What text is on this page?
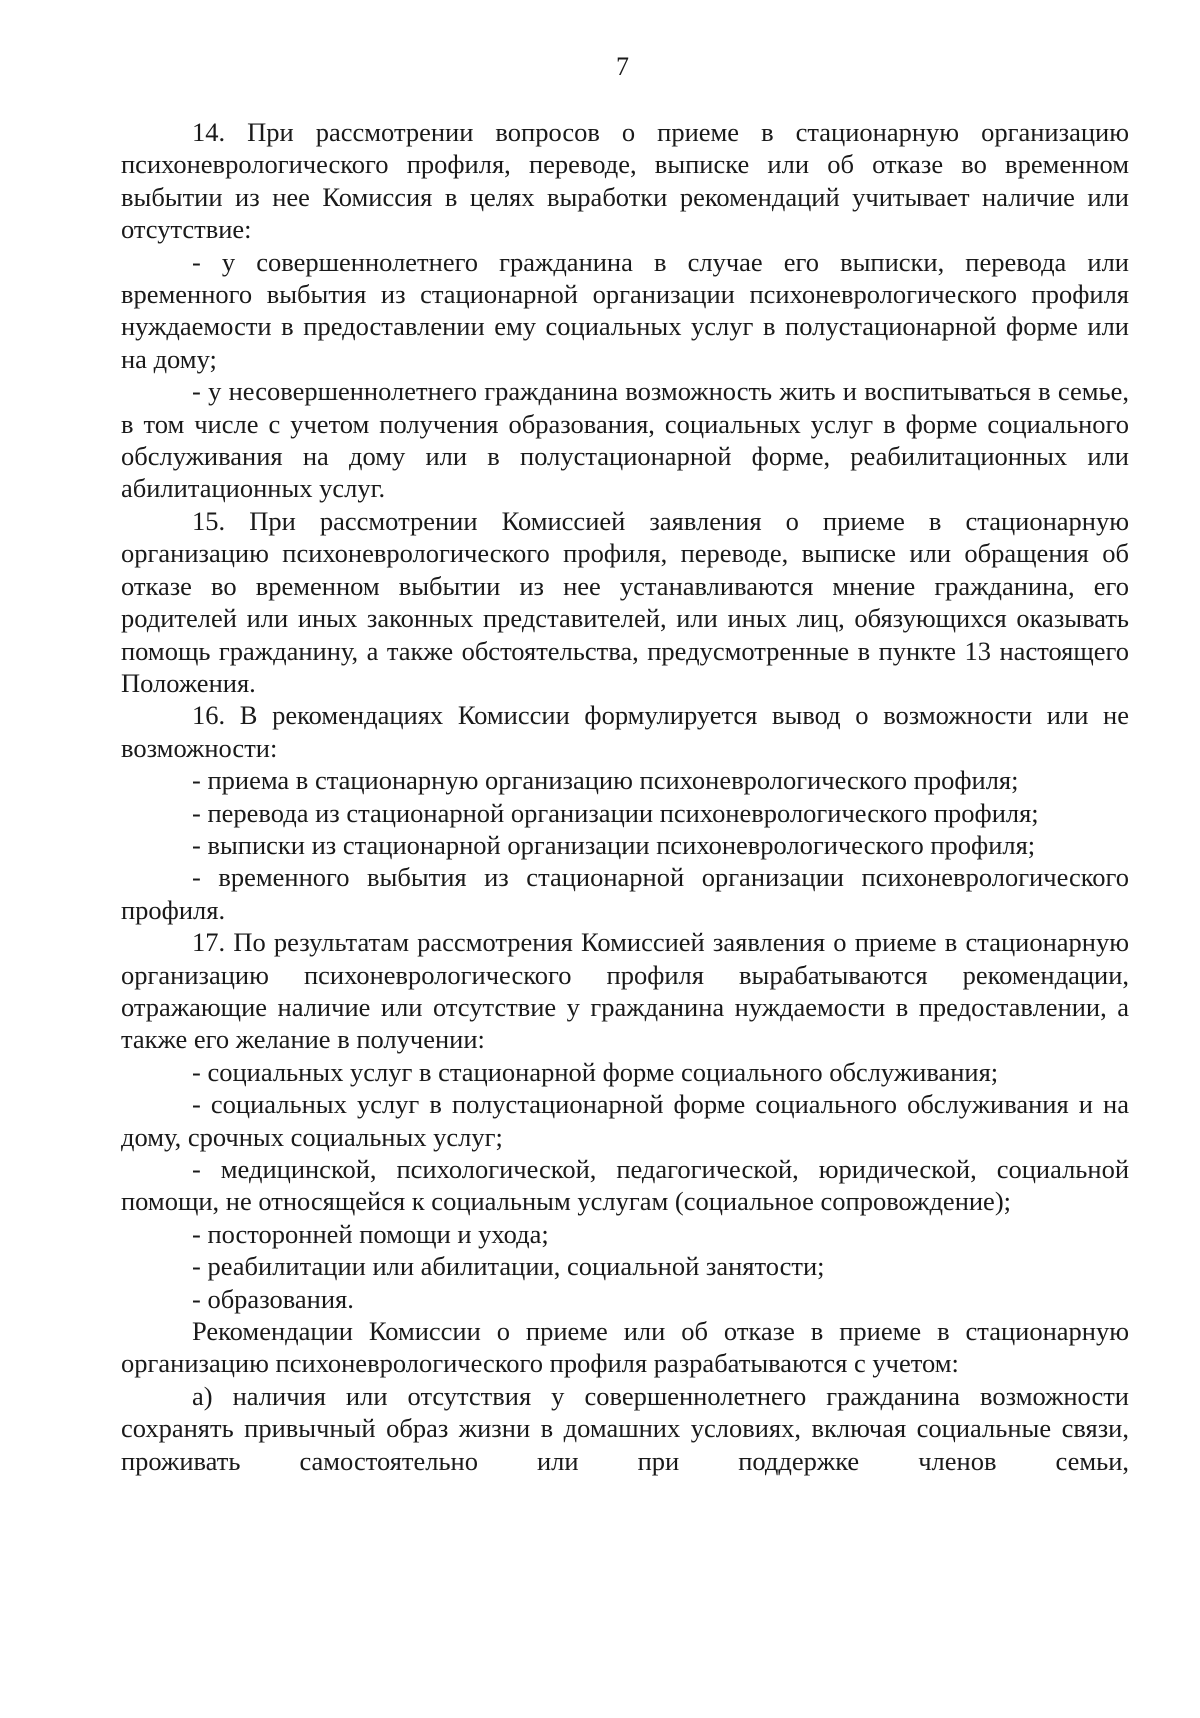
7

14. При рассмотрении вопросов о приеме в стационарную организацию психоневрологического профиля, переводе, выписке или об отказе во временном выбытии из нее Комиссия в целях выработки рекомендаций учитывает наличие или отсутствие:

- у совершеннолетнего гражданина в случае его выписки, перевода или временного выбытия из стационарной организации психоневрологического профиля нуждаемости в предоставлении ему социальных услуг в полустационарной форме или на дому;

- у несовершеннолетнего гражданина возможность жить и воспитываться в семье, в том числе с учетом получения образования, социальных услуг в форме социального обслуживания на дому или в полустационарной форме, реабилитационных или абилитационных услуг.

15. При рассмотрении Комиссией заявления о приеме в стационарную организацию психоневрологического профиля, переводе, выписке или обращения об отказе во временном выбытии из нее устанавливаются мнение гражданина, его родителей или иных законных представителей, или иных лиц, обязующихся оказывать помощь гражданину, а также обстоятельства, предусмотренные в пункте 13 настоящего Положения.

16. В рекомендациях Комиссии формулируется вывод о возможности или не возможности:

- приема в стационарную организацию психоневрологического профиля;

- перевода из стационарной организации психоневрологического профиля;

- выписки из стационарной организации психоневрологического профиля;

- временного выбытия из стационарной организации психоневрологического профиля.

17. По результатам рассмотрения Комиссией заявления о приеме в стационарную организацию психоневрологического профиля вырабатываются рекомендации, отражающие наличие или отсутствие у гражданина нуждаемости в предоставлении, а также его желание в получении:

- социальных услуг в стационарной форме социального обслуживания;

- социальных услуг в полустационарной форме социального обслуживания и на дому, срочных социальных услуг;

- медицинской, психологической, педагогической, юридической, социальной помощи, не относящейся к социальным услугам (социальное сопровождение);

- посторонней помощи и ухода;

- реабилитации или абилитации, социальной занятости;

- образования.

Рекомендации Комиссии о приеме или об отказе в приеме в стационарную организацию психоневрологического профиля разрабатываются с учетом:

а) наличия или отсутствия у совершеннолетнего гражданина возможности сохранять привычный образ жизни в домашних условиях, включая социальные связи, проживать самостоятельно или при поддержке членов семьи,
